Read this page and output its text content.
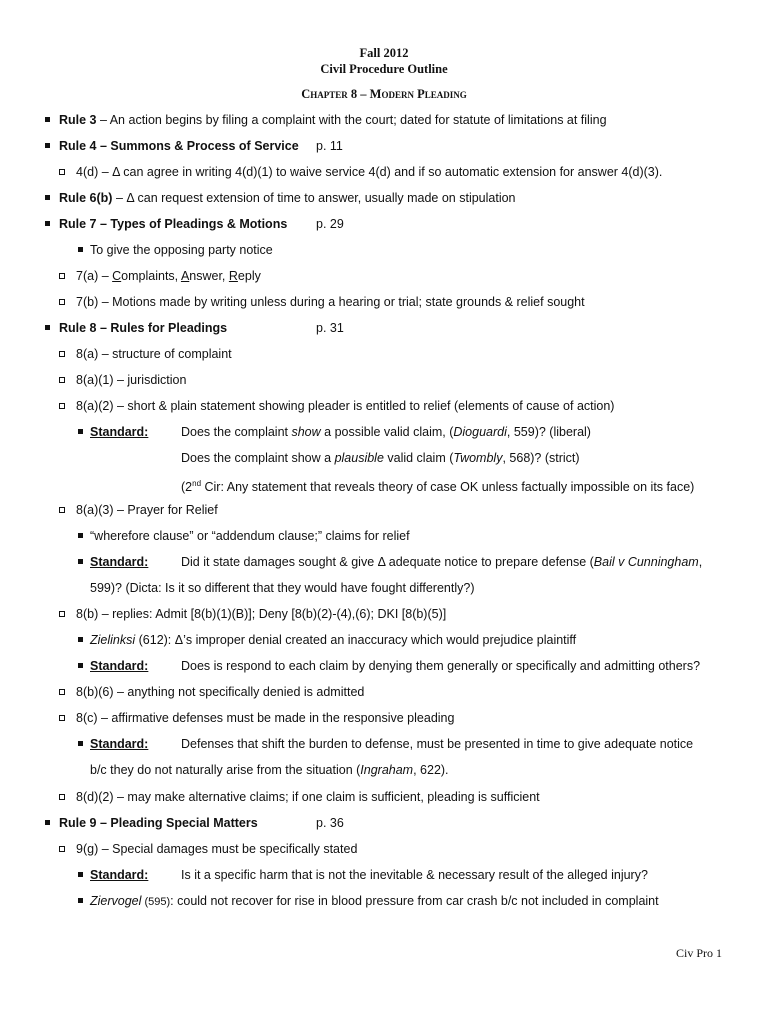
Fall 2012
Civil Procedure Outline
Chapter 8 – Modern Pleading
Rule 3 – An action begins by filing a complaint with the court; dated for statute of limitations at filing
Rule 4 – Summons & Process of Service p. 11
4(d) – Δ can agree in writing 4(d)(1) to waive service 4(d) and if so automatic extension for answer 4(d)(3).
Rule 6(b) – Δ can request extension of time to answer, usually made on stipulation
Rule 7 – Types of Pleadings & Motions p. 29
To give the opposing party notice
7(a) – Complaints, Answer, Reply
7(b) – Motions made by writing unless during a hearing or trial; state grounds & relief sought
Rule 8 – Rules for Pleadings	p. 31
8(a) – structure of complaint
8(a)(1) – jurisdiction
8(a)(2) – short & plain statement showing pleader is entitled to relief (elements of cause of action)
Standard:	Does the complaint show a possible valid claim, (Dioguardi, 559)? (liberal)
Does the complaint show a plausible valid claim (Twombly, 568)? (strict)
(2nd Cir: Any statement that reveals theory of case OK unless factually impossible on its face)
8(a)(3) – Prayer for Relief
“wherefore clause” or “addendum clause;” claims for relief
Standard:	Did it state damages sought & give Δ adequate notice to prepare defense (Bail v Cunningham,
599)? (Dicta: Is it so different that they would have fought differently?)
8(b) – replies: Admit [8(b)(1)(B)]; Deny [8(b)(2)-(4),(6); DKI [8(b)(5)]
Zielinksi (612): Δ’s improper denial created an inaccuracy which would prejudice plaintiff
Standard:	Does is respond to each claim by denying them generally or specifically and admitting others?
8(b)(6) – anything not specifically denied is admitted
8(c) – affirmative defenses must be made in the responsive pleading
Standard:	Defenses that shift the burden to defense, must be presented in time to give adequate notice
b/c they do not naturally arise from the situation (Ingraham, 622).
8(d)(2) – may make alternative claims; if one claim is sufficient, pleading is sufficient
Rule 9 – Pleading Special Matters	p. 36
9(g) – Special damages must be specifically stated
Standard:	Is it a specific harm that is not the inevitable & necessary result of the alleged injury?
Ziervogel (595): could not recover for rise in blood pressure from car crash b/c not included in complaint
Civ Pro 1
